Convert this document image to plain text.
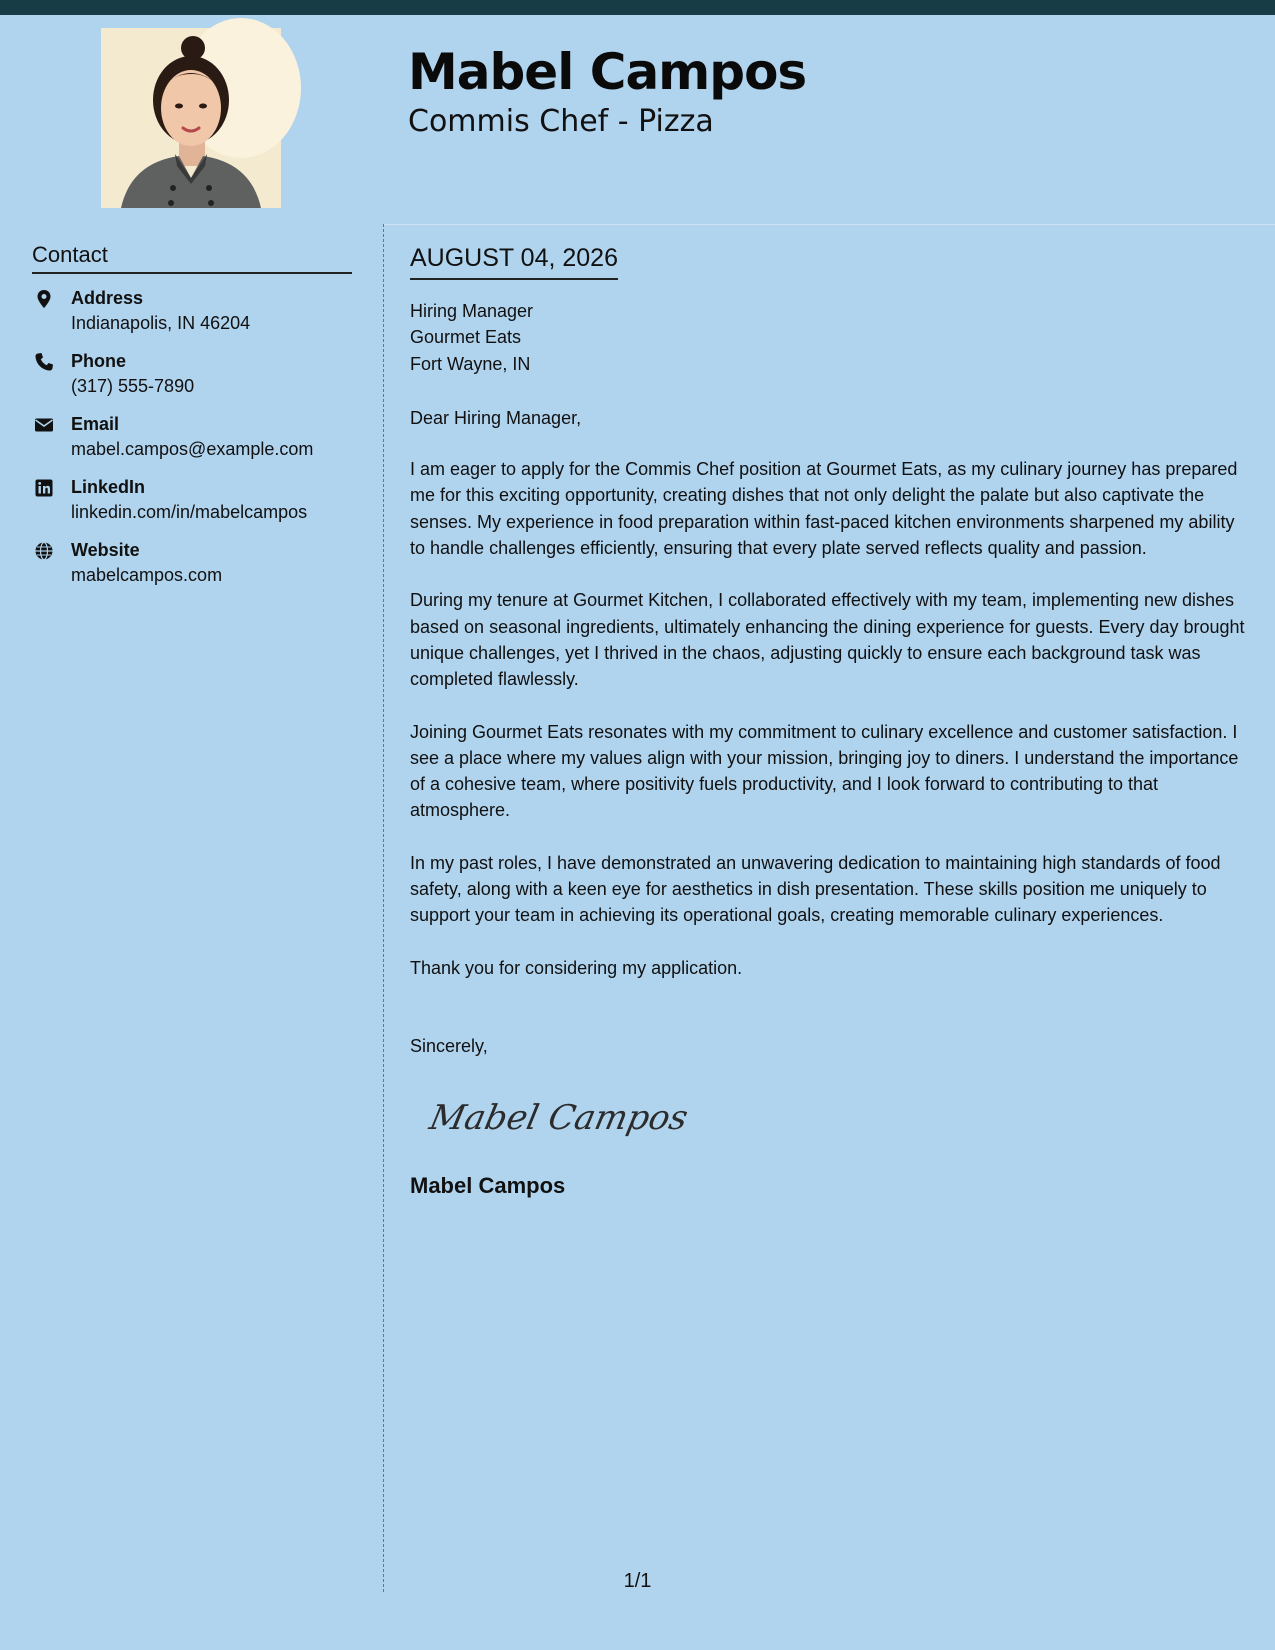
Mabel Campos
Commis Chef - Pizza
Contact
Address
Indianapolis, IN 46204
Phone
(317) 555-7890
Email
mabel.campos@example.com
LinkedIn
linkedin.com/in/mabelcampos
Website
mabelcampos.com
AUGUST 04, 2026
Hiring Manager
Gourmet Eats
Fort Wayne, IN

Dear Hiring Manager,

I am eager to apply for the Commis Chef position at Gourmet Eats, as my culinary journey has prepared me for this exciting opportunity, creating dishes that not only delight the palate but also captivate the senses. My experience in food preparation within fast-paced kitchen environments sharpened my ability to handle challenges efficiently, ensuring that every plate served reflects quality and passion.

During my tenure at Gourmet Kitchen, I collaborated effectively with my team, implementing new dishes based on seasonal ingredients, ultimately enhancing the dining experience for guests. Every day brought unique challenges, yet I thrived in the chaos, adjusting quickly to ensure each background task was completed flawlessly.

Joining Gourmet Eats resonates with my commitment to culinary excellence and customer satisfaction. I see a place where my values align with your mission, bringing joy to diners. I understand the importance of a cohesive team, where positivity fuels productivity, and I look forward to contributing to that atmosphere.

In my past roles, I have demonstrated an unwavering dedication to maintaining high standards of food safety, along with a keen eye for aesthetics in dish presentation. These skills position me uniquely to support your team in achieving its operational goals, creating memorable culinary experiences.

Thank you for considering my application.

Sincerely,
Mabel Campos
Mabel Campos
1/1
